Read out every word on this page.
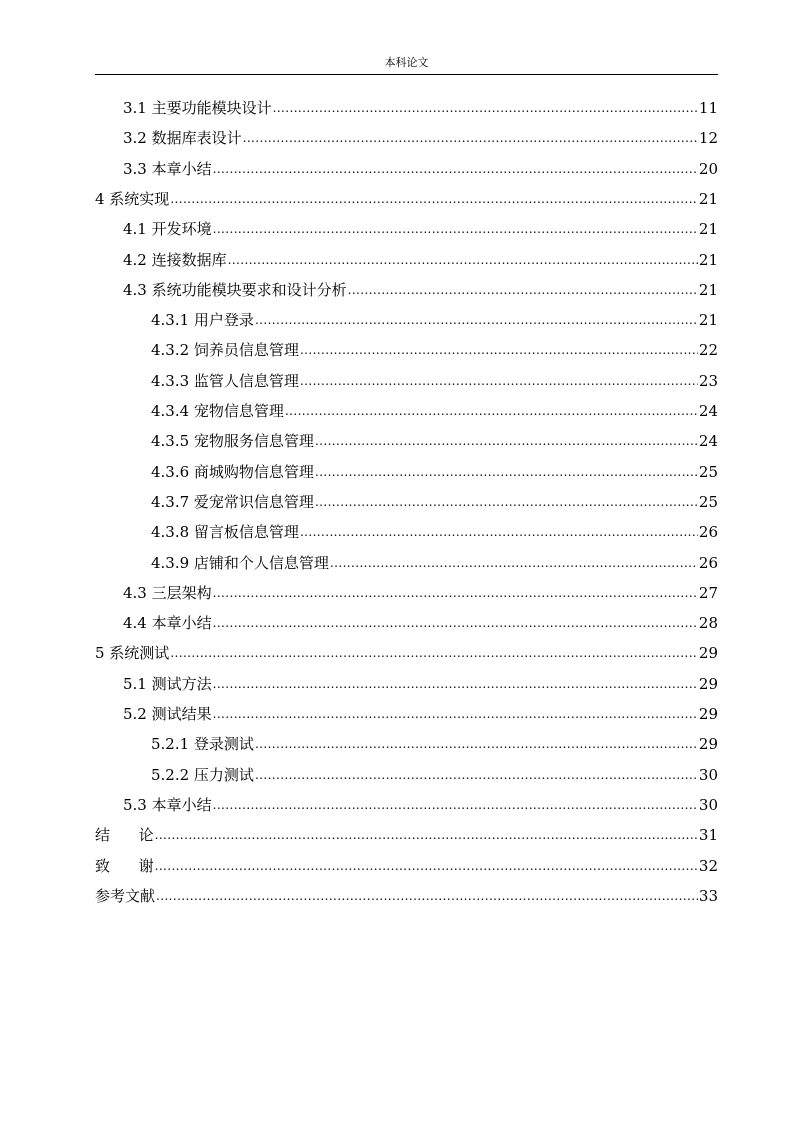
本科论文
3.1 主要功能模块设计 .....	11
3.2 数据库表设计 .....	12
3.3 本章小结 .....	20
4 系统实现 .....	21
4.1 开发环境 .....	21
4.2 连接数据库 .....	21
4.3 系统功能模块要求和设计分析 .....	21
4.3.1 用户登录 .....	21
4.3.2 饲养员信息管理 .....	22
4.3.3 监管人信息管理 .....	23
4.3.4 宠物信息管理 .....	24
4.3.5 宠物服务信息管理 .....	24
4.3.6 商城购物信息管理 .....	25
4.3.7 爱宠常识信息管理 .....	25
4.3.8 留言板信息管理 .....	26
4.3.9 店铺和个人信息管理 .....	26
4.3 三层架构 .....	27
4.4 本章小结 .....	28
5 系统测试 .....	29
5.1 测试方法 .....	29
5.2 测试结果 .....	29
5.2.1 登录测试 .....	29
5.2.2 压力测试 .....	30
5.3 本章小结 .....	30
结      论 .....	31
致      谢 .....	32
参考文献 .....	33
